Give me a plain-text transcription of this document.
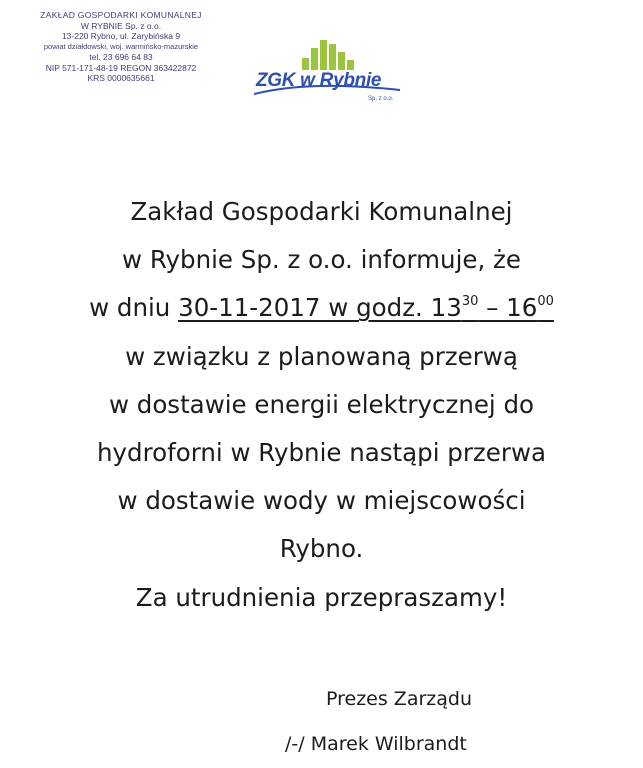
ZAKŁAD GOSPODARKI KOMUNALNEJ
W RYBNIE Sp. z o.o.
13-220 Rybno, ul. Zarybińska 9
powiat działdowski, woj. warmińsko-mazurskie
tel. 23 696 64 83
NIP 571-171-48-19 REGON 363422872
KRS 0000635661	ZGK w Rybnie
Sp. z o.o.
Zakład Gospodarki Komunalnej
w Rybnie Sp. z o.o. informuje, że
w dniu 30-11-2017 w godz. $13^{30} - 16^{00}$
w związku z planowaną przerwą
w dostawie energii elektrycznej do
hydroforni w Rybnie nastąpi przerwa
w dostawie wody w miejscowości
Rybno.
Za utrudnienia przepraszamy!
Prezes Zarządu
/-/ Marek Wilbrandt
